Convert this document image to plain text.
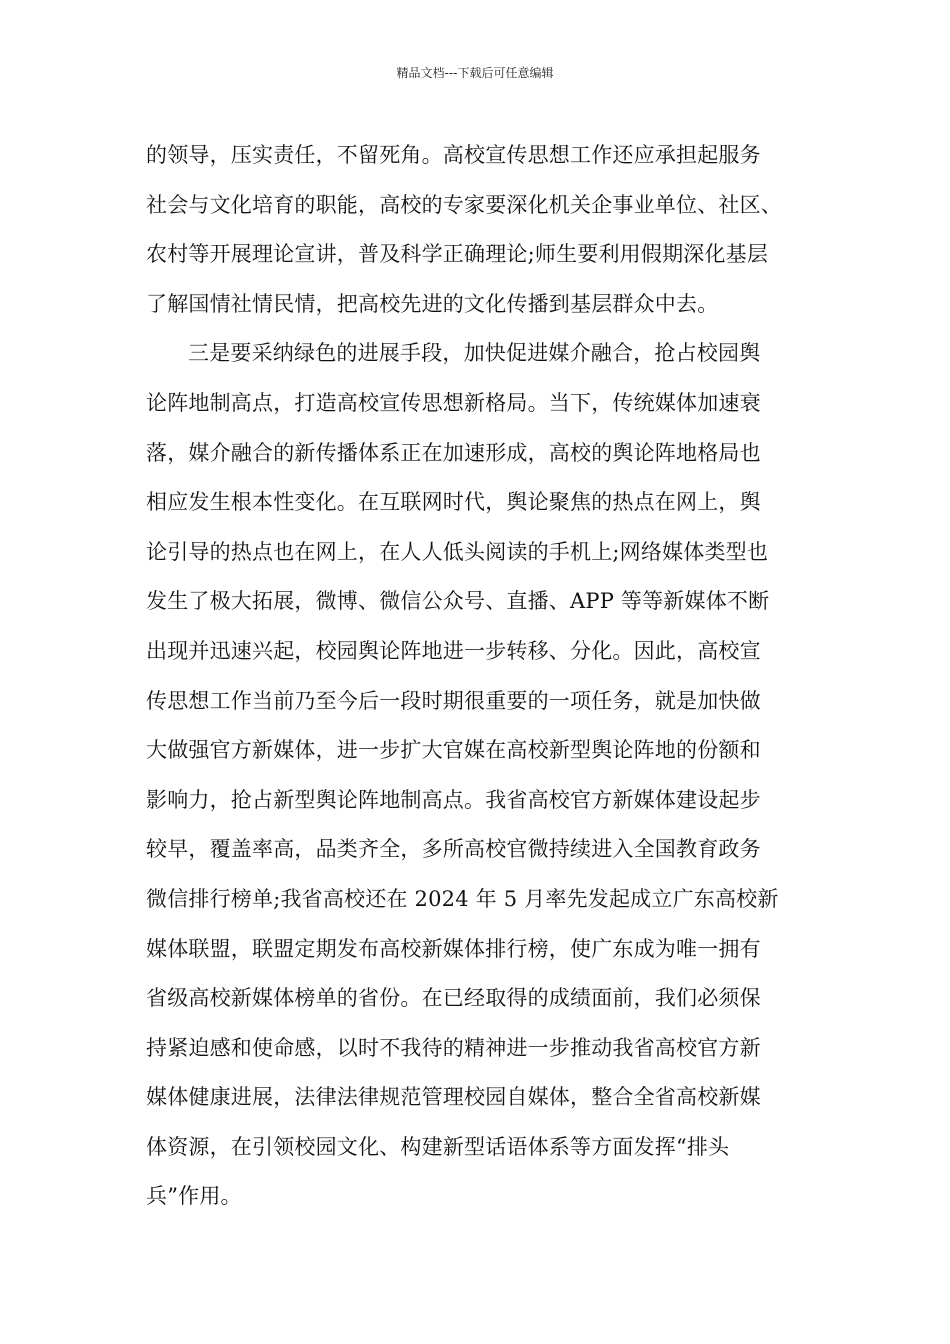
精品文档---下载后可任意编辑
的领导，压实责任，不留死角。高校宣传思想工作还应承担起服务
社会与文化培育的职能，高校的专家要深化机关企事业单位、社区、
农村等开展理论宣讲，普及科学正确理论;师生要利用假期深化基层
了解国情社情民情，把高校先进的文化传播到基层群众中去。
三是要采纳绿色的进展手段，加快促进媒介融合，抢占校园舆
论阵地制高点，打造高校宣传思想新格局。当下，传统媒体加速衰
落，媒介融合的新传播体系正在加速形成，高校的舆论阵地格局也
相应发生根本性变化。在互联网时代，舆论聚焦的热点在网上，舆
论引导的热点也在网上，在人人低头阅读的手机上;网络媒体类型也
发生了极大拓展，微博、微信公众号、直播、APP 等等新媒体不断
出现并迅速兴起，校园舆论阵地进一步转移、分化。因此，高校宣
传思想工作当前乃至今后一段时期很重要的一项任务，就是加快做
大做强官方新媒体，进一步扩大官媒在高校新型舆论阵地的份额和
影响力，抢占新型舆论阵地制高点。我省高校官方新媒体建设起步
较早，覆盖率高，品类齐全，多所高校官微持续进入全国教育政务
微信排行榜单;我省高校还在 2024 年 5 月率先发起成立广东高校新
媒体联盟，联盟定期发布高校新媒体排行榜，使广东成为唯一拥有
省级高校新媒体榜单的省份。在已经取得的成绩面前，我们必须保
持紧迫感和使命感，以时不我待的精神进一步推动我省高校官方新
媒体健康进展，法律法律规范管理校园自媒体，整合全省高校新媒
体资源，在引领校园文化、构建新型话语体系等方面发挥“排头
兵”作用。
